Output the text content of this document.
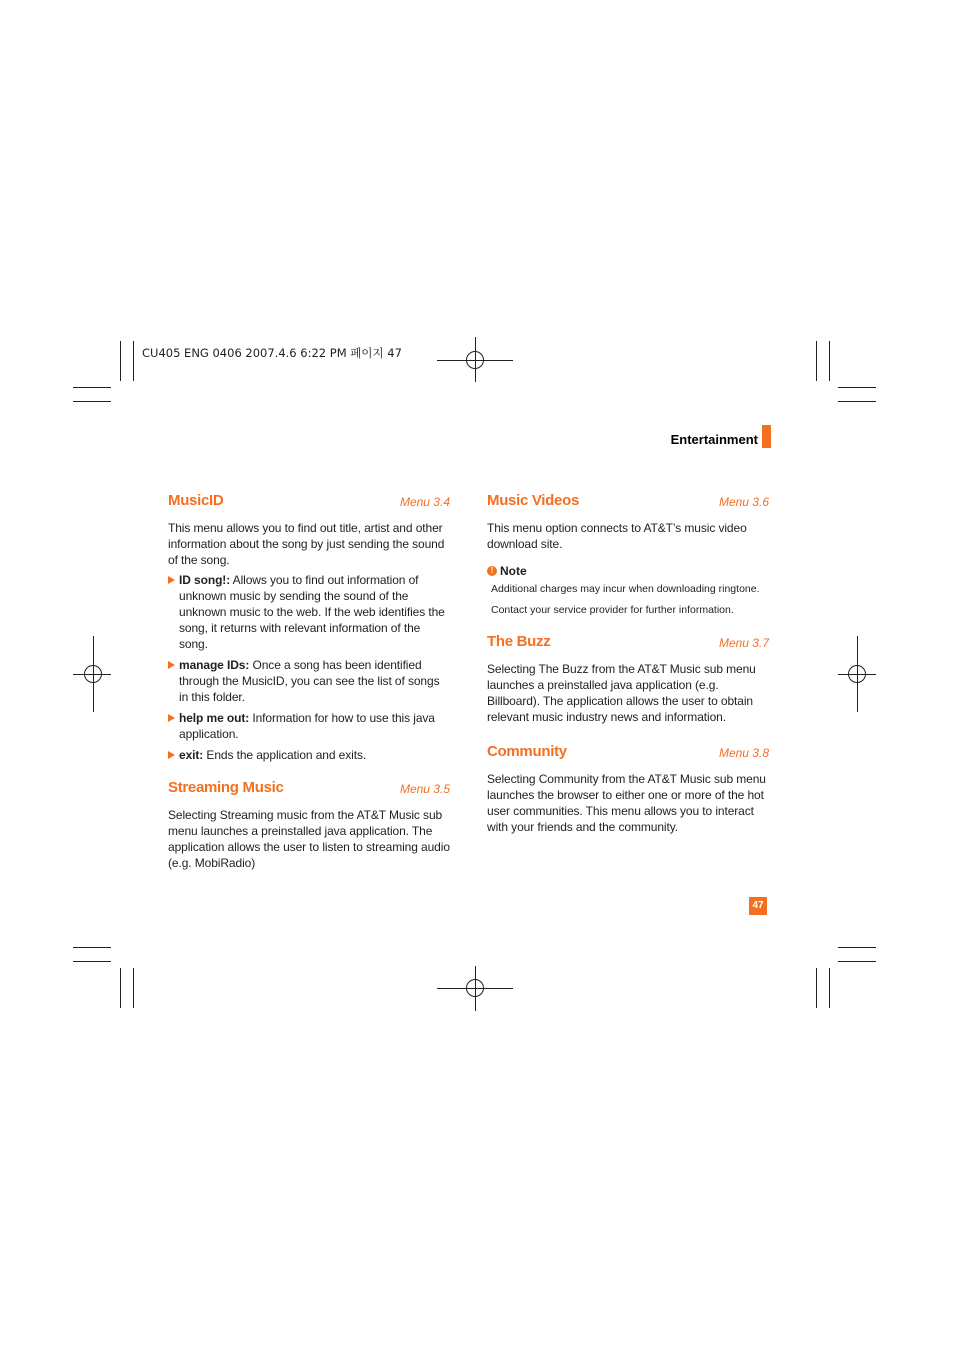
CU405 ENG 0406 2007.4.6 6:22 PM 페이지 47
Entertainment
MusicID	Menu 3.4

This menu allows you to find out title, artist and other information about the song by just sending the sound of the song.

ID song!: Allows you to find out information of unknown music by sending the sound of the unknown music to the web. If the web identifies the song, it returns with relevant information of the song.
manage IDs: Once a song has been identified through the MusicID, you can see the list of songs in this folder.
help me out: Information for how to use this java application.
exit: Ends the application and exits.
Streaming Music	Menu 3.5

Selecting Streaming music from the AT&T Music sub menu launches a preinstalled java application. The application allows the user to listen to streaming audio (e.g. MobiRadio)

Music Videos	Menu 3.6

This menu option connects to AT&T’s music video download site.

! Note

Additional charges may incur when downloading ringtone.

Contact your service provider for further information.

The Buzz	Menu 3.7

Selecting The Buzz from the AT&T Music sub menu launches a preinstalled java application (e.g. Billboard). The application allows the user to obtain relevant music industry news and information.

Community	Menu 3.8

Selecting Community from the AT&T Music sub menu launches the browser to either one or more of the hot user communities. This menu allows you to interact with your friends and the community.

47
